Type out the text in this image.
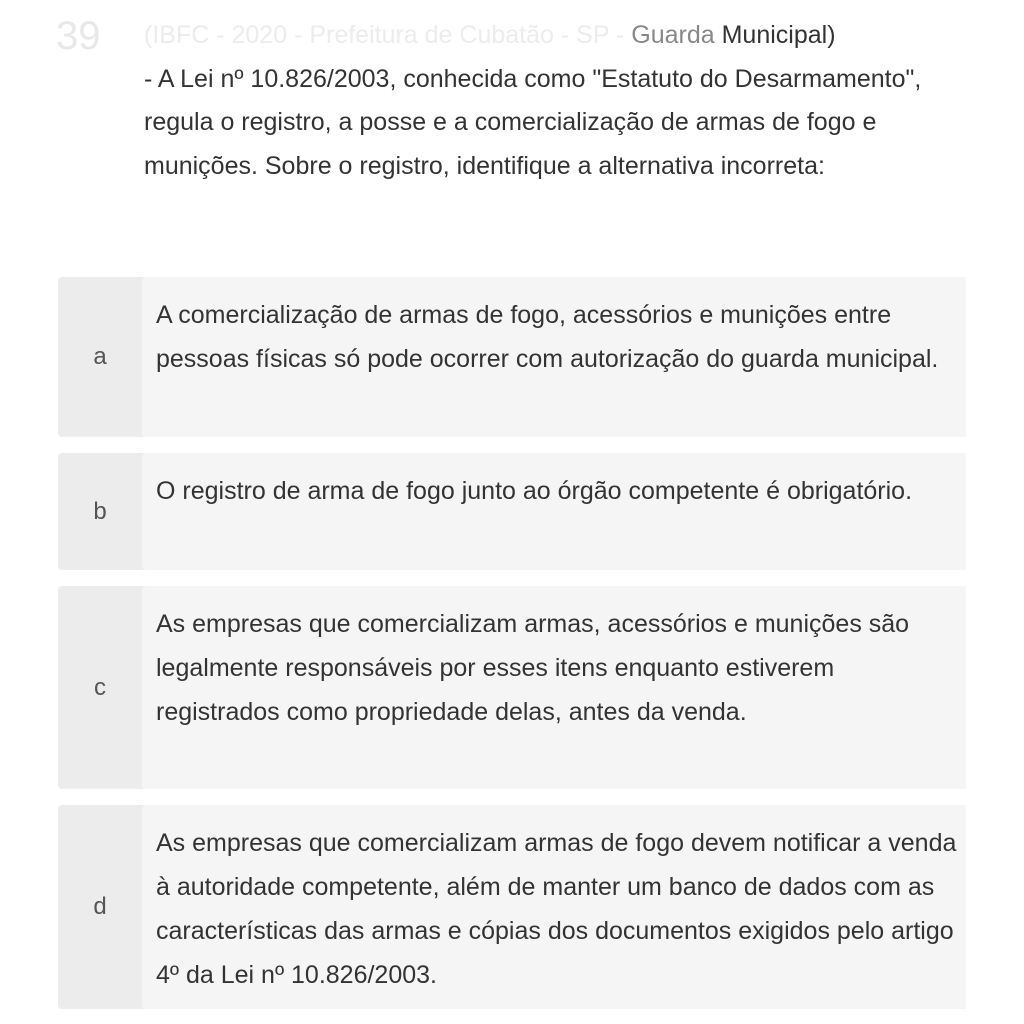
39 (IBFC - 2020 - Prefeitura de Cubatão - SP - Guarda Municipal)
- A Lei nº 10.826/2003, conhecida como "Estatuto do Desarmamento", regula o registro, a posse e a comercialização de armas de fogo e munições. Sobre o registro, identifique a alternativa incorreta:
a
A comercialização de armas de fogo, acessórios e munições entre pessoas físicas só pode ocorrer com autorização do guarda municipal.
b
O registro de arma de fogo junto ao órgão competente é obrigatório.
c
As empresas que comercializam armas, acessórios e munições são legalmente responsáveis por esses itens enquanto estiverem registrados como propriedade delas, antes da venda.
d
As empresas que comercializam armas de fogo devem notificar a venda à autoridade competente, além de manter um banco de dados com as características das armas e cópias dos documentos exigidos pelo artigo 4º da Lei nº 10.826/2003.
